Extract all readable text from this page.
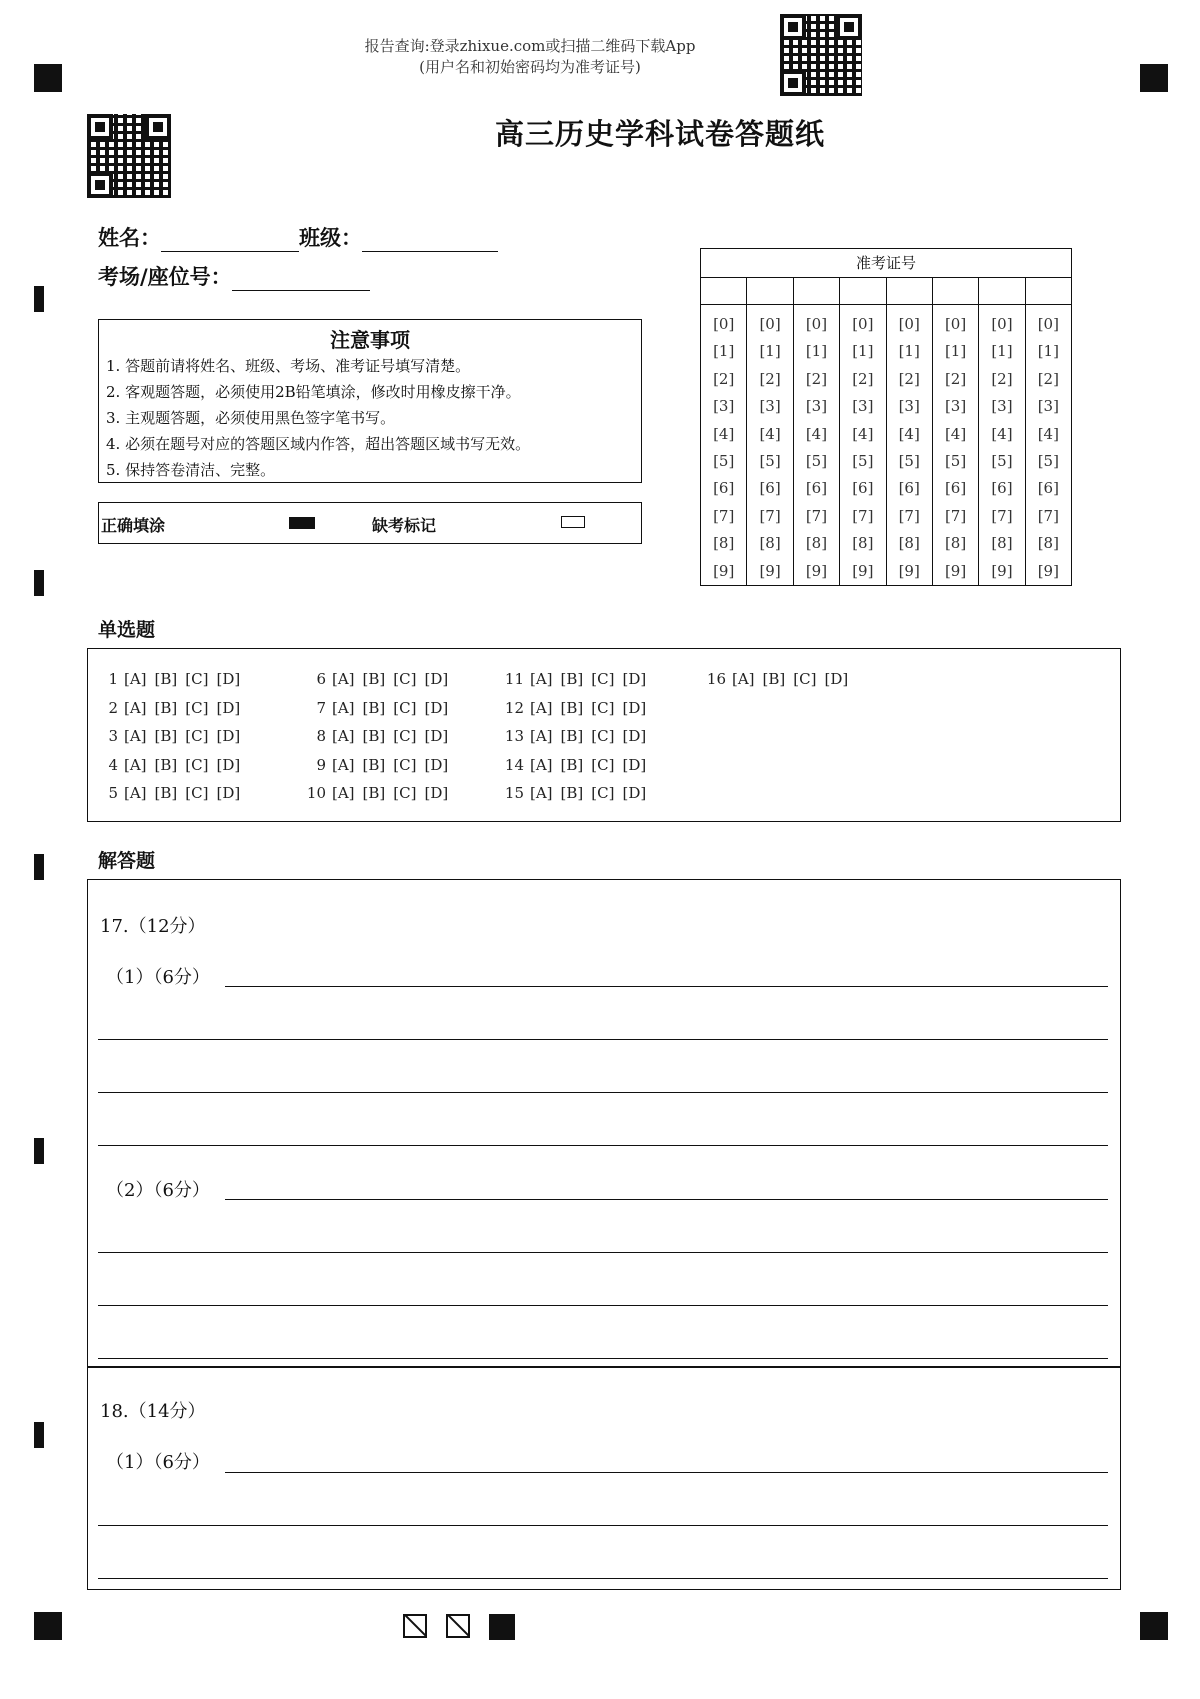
报告查询:登录zhixue.com或扫描二维码下载App
(用户名和初始密码均为准考证号)
高三历史学科试卷答题纸
姓名：	班级：
考场/座位号：
注意事项
1. 答题前请将姓名、班级、考场、准考证号填写清楚。
2. 客观题答题，必须使用2B铅笔填涂，修改时用橡皮擦干净。
3. 主观题答题，必须使用黑色签字笔书写。
4. 必须在题号对应的答题区域内作答，超出答题区域书写无效。
5. 保持答卷清洁、完整。
正确填涂	缺考标记
准考证号
[0]
[1]
[2]
[3]
[4]
[5]
[6]
[7]
[8]
[9]
[0]
[1]
[2]
[3]
[4]
[5]
[6]
[7]
[8]
[9]
[0]
[1]
[2]
[3]
[4]
[5]
[6]
[7]
[8]
[9]
[0]
[1]
[2]
[3]
[4]
[5]
[6]
[7]
[8]
[9]
[0]
[1]
[2]
[3]
[4]
[5]
[6]
[7]
[8]
[9]
[0]
[1]
[2]
[3]
[4]
[5]
[6]
[7]
[8]
[9]
[0]
[1]
[2]
[3]
[4]
[5]
[6]
[7]
[8]
[9]
[0]
[1]
[2]
[3]
[4]
[5]
[6]
[7]
[8]
[9]
单选题
1 [A] [B] [C] [D]
2 [A] [B] [C] [D]
3 [A] [B] [C] [D]
4 [A] [B] [C] [D]
5 [A] [B] [C] [D]
6 [A] [B] [C] [D]
7 [A] [B] [C] [D]
8 [A] [B] [C] [D]
9 [A] [B] [C] [D]
10 [A] [B] [C] [D]
11 [A] [B] [C] [D]
12 [A] [B] [C] [D]
13 [A] [B] [C] [D]
14 [A] [B] [C] [D]
15 [A] [B] [C] [D]
16 [A] [B] [C] [D]
解答题
17.（12分）
（1）（6分）
（2）（6分）
18.（14分）
（1）（6分）
